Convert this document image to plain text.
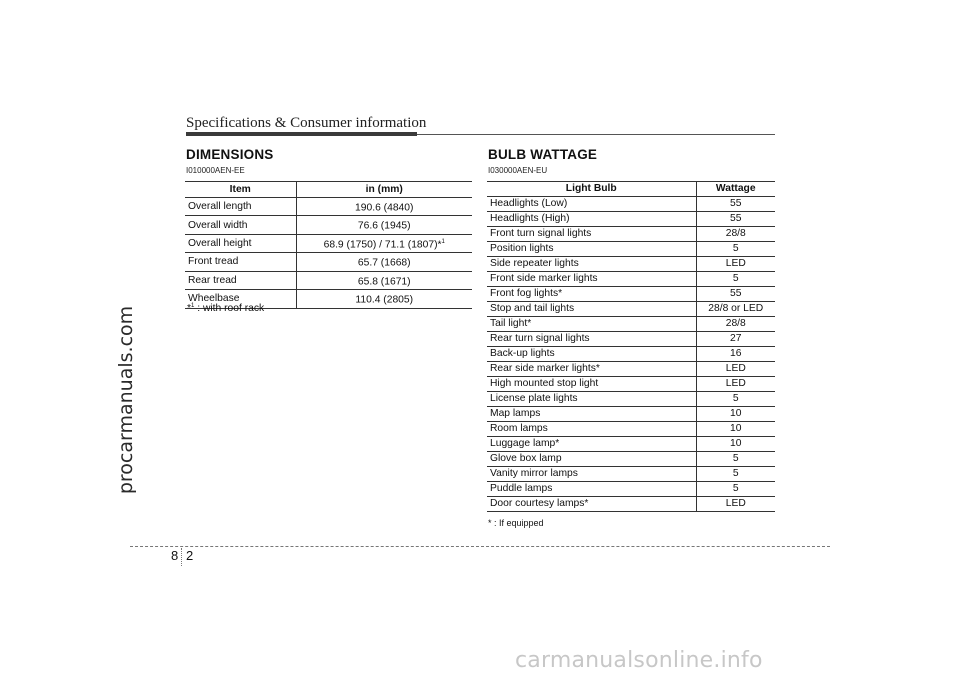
procarmanuals.com
Specifications & Consumer information
DIMENSIONS
I010000AEN-EE
Item	in (mm)
Overall length	190.6 (4840)
Overall width	76.6 (1945)
Overall height	68.9 (1750) / 71.1 (1807)*$^1$
Front tread	65.7 (1668)
Rear tread	65.8 (1671)
Wheelbase	110.4 (2805)
*$^1$ : with roof rack
BULB WATTAGE
I030000AEN-EU
Light Bulb	Wattage
Headlights (Low)	55
Headlights (High)	55
Front turn signal lights	28/8
Position lights	5
Side repeater lights	LED
Front side marker lights	5
Front fog lights*	55
Stop and tail lights	28/8 or LED
Tail light*	28/8
Rear turn signal lights	27
Back-up lights	16
Rear side marker lights*	LED
High mounted stop light	LED
License plate lights	5
Map lamps	10
Room lamps	10
Luggage lamp*	10
Glove box lamp	5
Vanity mirror lamps	5
Puddle lamps	5
Door courtesy lamps*	LED
* : If equipped
8 2
carmanualsonline.info
